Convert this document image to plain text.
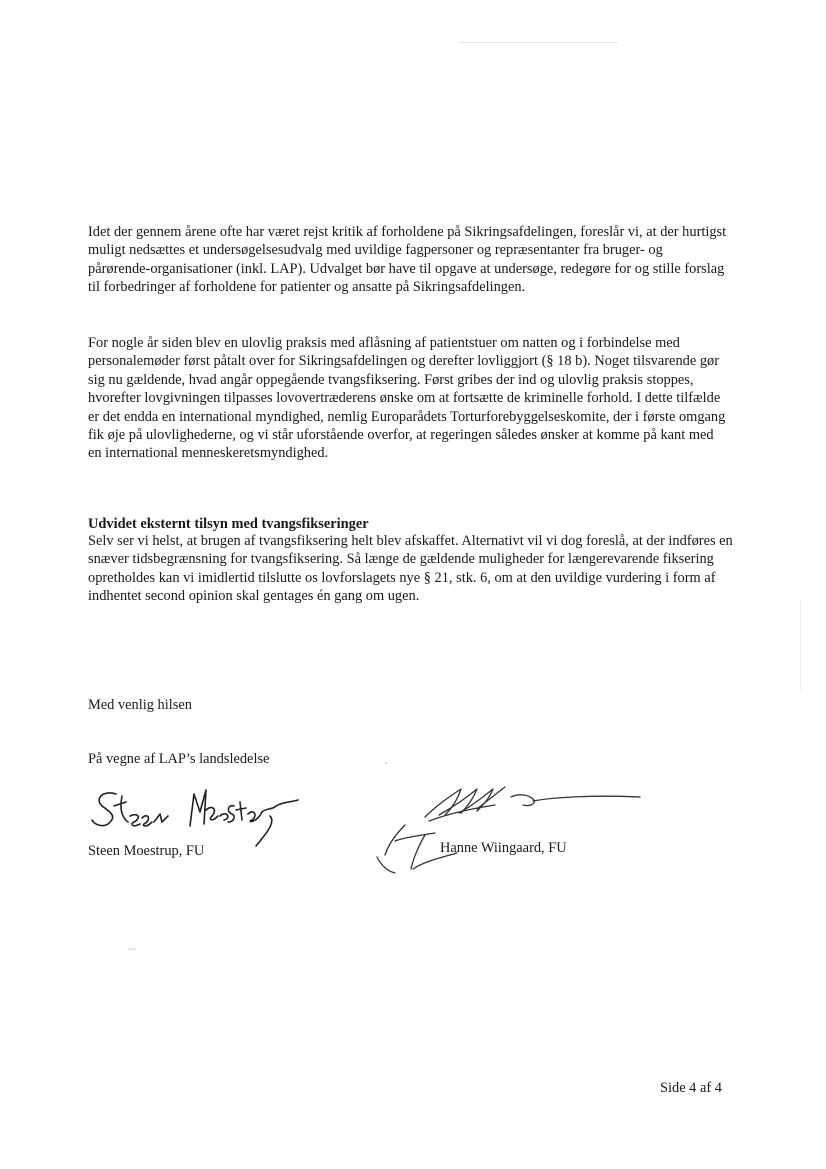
Idet der gennem årene ofte har været rejst kritik af forholdene på Sikringsafdelingen, foreslår vi, at der hurtigst muligt nedsættes et undersøgelsesudvalg med uvildige fagpersoner og repræsentanter fra bruger- og pårørende-organisationer (inkl. LAP). Udvalget bør have til opgave at undersøge, redegøre for og stille forslag til forbedringer af forholdene for patienter og ansatte på Sikringsafdelingen.

For nogle år siden blev en ulovlig praksis med aflåsning af patientstuer om natten og i forbindelse med personalemøder først påtalt over for Sikringsafdelingen og derefter lovliggjort (§ 18 b). Noget tilsvarende gør sig nu gældende, hvad angår oppegående tvangsfiksering. Først gribes der ind og ulovlig praksis stoppes, hvorefter lovgivningen tilpasses lovovertræderens ønske om at fortsætte de kriminelle forhold. I dette tilfælde er det endda en international myndighed, nemlig Europarådets Torturforebyggelseskomite, der i første omgang fik øje på ulovlighederne, og vi står uforstående overfor, at regeringen således ønsker at komme på kant med en international menneskeretsmyndighed.

Udvidet eksternt tilsyn med tvangsfikseringer

Selv ser vi helst, at brugen af tvangsfiksering helt blev afskaffet. Alternativt vil vi dog foreslå, at der indføres en snæver tidsbegrænsning for tvangsfiksering. Så længe de gældende muligheder for længerevarende fiksering opretholdes kan vi imidlertid tilslutte os lovforslagets nye § 21, stk. 6, om at den uvildige vurdering i form af indhentet second opinion skal gentages én gang om ugen.

Med venlig hilsen
På vegne af LAP’s landsledelse
Steen Moestrup, FU	Hanne Wiingaard, FU
Side 4 af 4
